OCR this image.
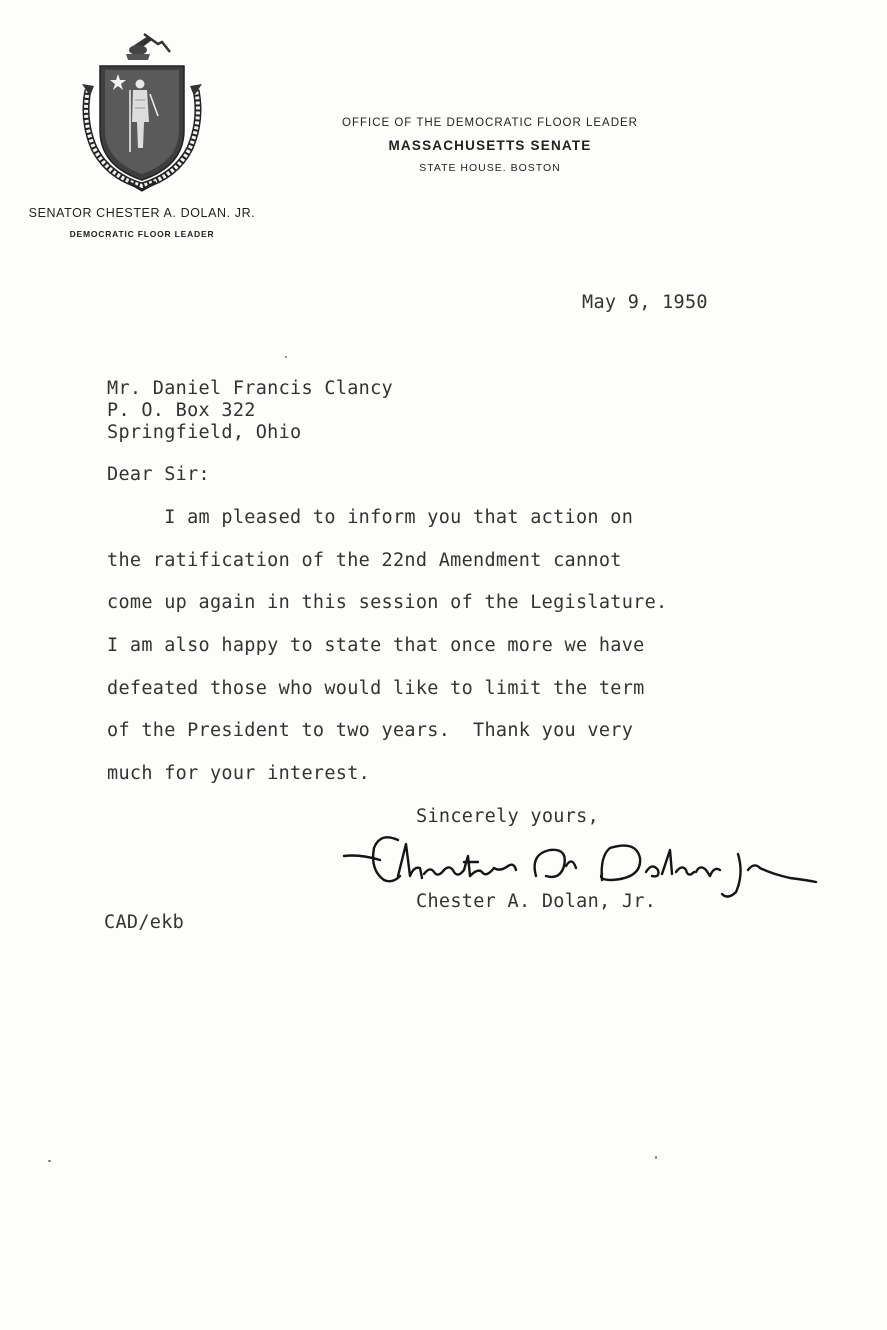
SENATOR CHESTER A. DOLAN. JR.
DEMOCRATIC FLOOR LEADER
OFFICE OF THE DEMOCRATIC FLOOR LEADER
MASSACHUSETTS SENATE
STATE HOUSE. BOSTON
May 9, 1950
Mr. Daniel Francis Clancy
P. O. Box 322
Springfield, Ohio
Dear Sir:
I am pleased to inform you that action on
the ratification of the 22nd Amendment cannot
come up again in this session of the Legislature.
I am also happy to state that once more we have
defeated those who would like to limit the term
of the President to two years.  Thank you very
much for your interest.
Sincerely yours,
Chester A. Dolan, Jr.
CAD/ekb
